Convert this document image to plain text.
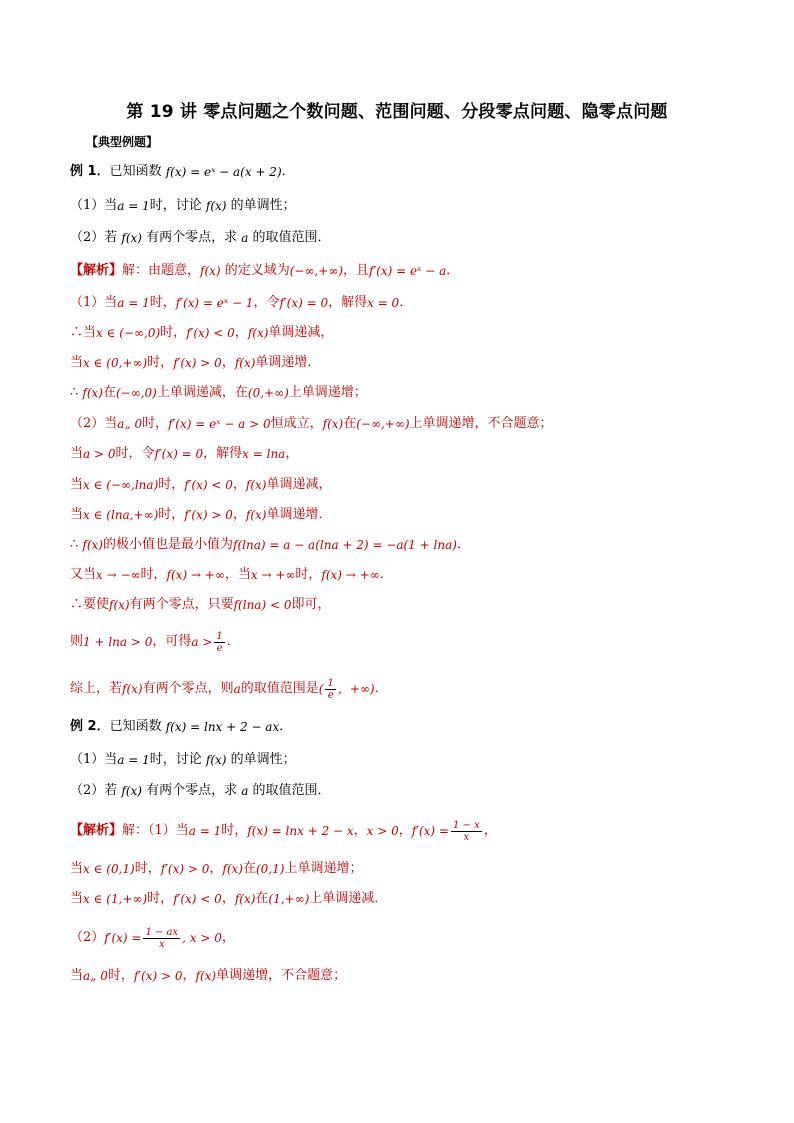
第 19 讲 零点问题之个数问题、范围问题、分段零点问题、隐零点问题
【典型例题】
例 1． 已知函数 f(x) = eˣ − a(x + 2) ．
（1）当 a = 1 时，讨论 f(x) 的单调性；
（2）若 f(x) 有两个零点，求 a 的取值范围．
【解析】 解：由题意， f(x) 的定义域为 (−∞,+∞) ，且 f′(x) = eˣ − a ．
（1）当 a = 1 时， f′(x) = eˣ − 1 ，令 f′(x) = 0 ，解得 x = 0 ．
∴当 x ∈ (−∞,0) 时， f′(x) < 0 ， f(x) 单调递减，
当 x ∈ (0,+∞) 时， f′(x) > 0 ， f(x) 单调递增．
∴ f(x) 在 (−∞,0) 上单调递减，在 (0,+∞) 上单调递增；
（2）当 a„ 0 时， f′(x) = eˣ − a > 0 恒成立， f(x) 在 (−∞,+∞) 上单调递增，不合题意；
当 a > 0 时，令 f′(x) = 0 ，解得 x = lna ，
当 x ∈ (−∞,lna) 时， f′(x) < 0 ， f(x) 单调递减，
当 x ∈ (lna,+∞) 时， f′(x) > 0 ， f(x) 单调递增．
∴ f(x) 的极小值也是最小值为 f(lna) = a − a(lna + 2) = −a(1 + lna) ．
又当 x → −∞ 时， f(x) → +∞ ，当 x → +∞ 时， f(x) → +∞ ．
∴要使 f(x) 有两个零点，只要 f(lna) < 0 即可，
则 1 + lna > 0 ，可得 $a > \frac{1}{e}$ ．
综上，若 f(x) 有两个零点，则 a 的取值范围是 ( $\frac{1}{e}$ ，+∞) ．
例 2． 已知函数 f(x) = lnx + 2 − ax ．
（1）当 a = 1 时，讨论 f(x) 的单调性；
（2）若 f(x) 有两个零点，求 a 的取值范围．
【解析】 解：（1）当 a = 1 时， f(x) = lnx + 2 − x ， x > 0 ， $f'(x) = \frac{1 - x}{x}$ ，
当 x ∈ (0,1) 时， f′(x) > 0 ， f(x) 在 (0,1) 上单调递增；
当 x ∈ (1,+∞) 时， f′(x) < 0 ， f(x) 在 (1,+∞) 上单调递减．
（2） $f'(x) = \frac{1 - ax}{x}$ , x > 0 ，
当 a„ 0 时， f′(x) > 0 ， f(x) 单调递增，不合题意；
